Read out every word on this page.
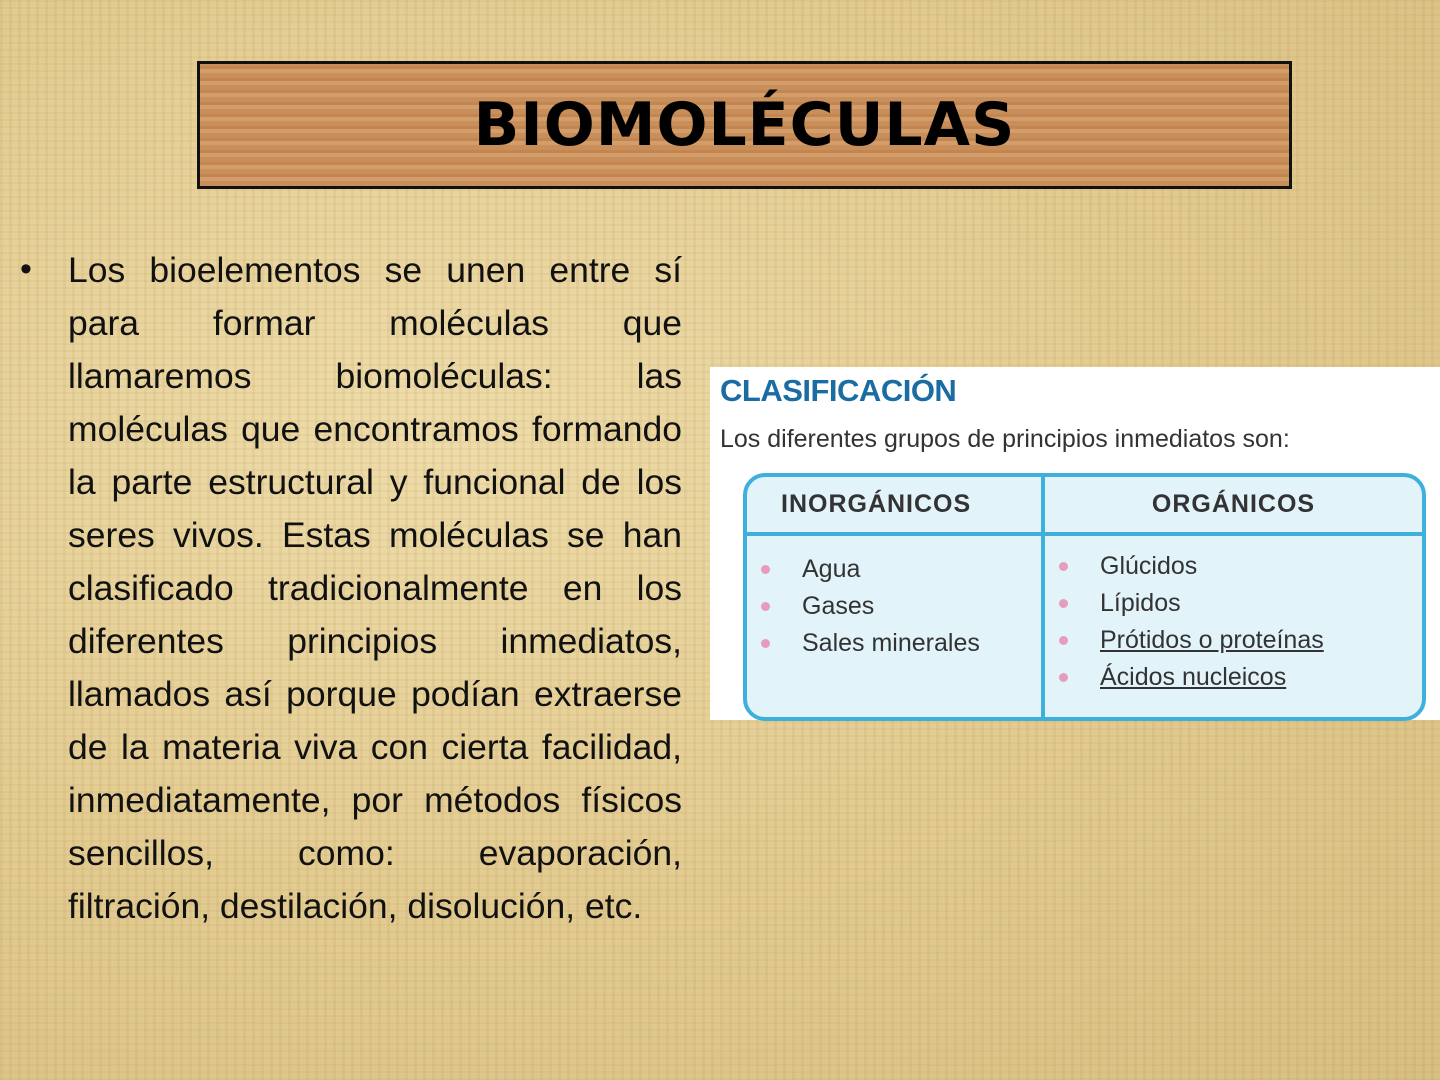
BIOMOLÉCULAS
• Los bioelementos se unen entre sí para formar moléculas que llamaremos biomoléculas: las moléculas que encontramos formando la parte estructural y funcional de los seres vivos. Estas moléculas se han clasificado tradicionalmente en los diferentes principios inmediatos, llamados así porque podían extraerse de la materia viva con cierta facilidad, inmediatamente, por métodos físicos sencillos, como: evaporación, filtración, destilación, disolución, etc.
CLASIFICACIÓN
Los diferentes grupos de principios inmediatos son:
INORGÁNICOS
Agua
Gases
Sales minerales
ORGÁNICOS
Glúcidos
Lípidos
Prótidos o proteínas
Ácidos nucleicos
